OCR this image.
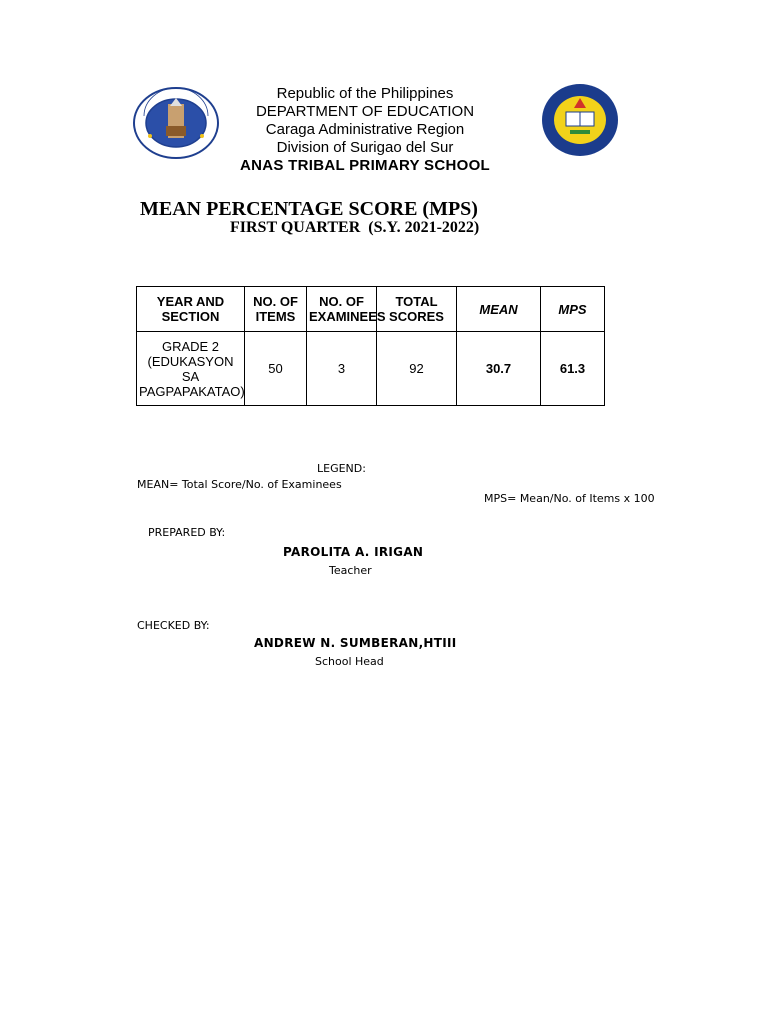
Republic of the Philippines
DEPARTMENT OF EDUCATION
Caraga Administrative Region
Division of Surigao del Sur
ANAS TRIBAL PRIMARY SCHOOL
MEAN PERCENTAGE SCORE (MPS)
FIRST QUARTER  (S.Y. 2021-2022)
YEAR AND SECTION	NO. OF ITEMS	NO. OF EXAMINEES	TOTAL SCORES	MEAN	MPS

GRADE 2
(EDUKASYON SA
PAGPAPAKATAO)	50	3	92	30.7	61.3
LEGEND:
MEAN= Total Score/No. of Examinees
MPS= Mean/No. of Items x 100
PREPARED BY:
PAROLITA A. IRIGAN
Teacher
CHECKED BY:
ANDREW N. SUMBERAN,HTIII
School Head
